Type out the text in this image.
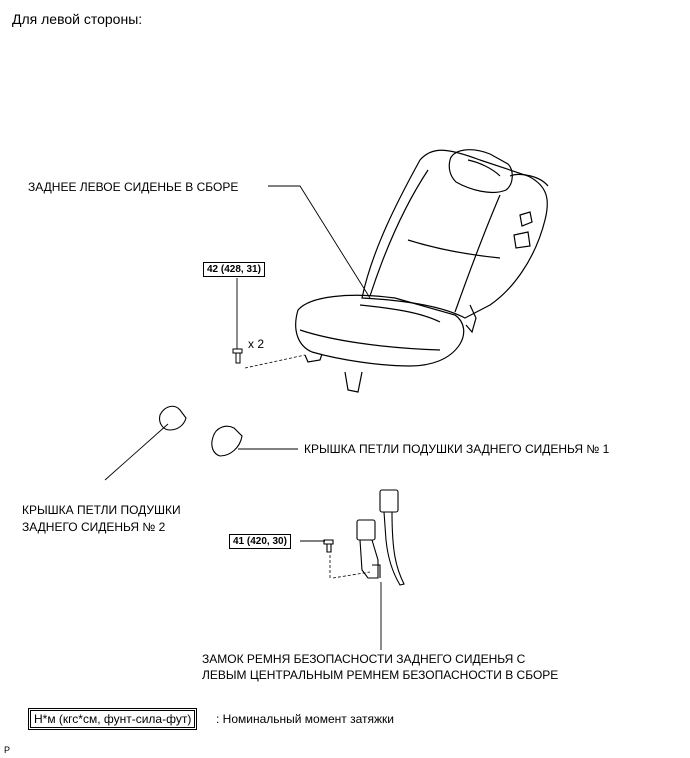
Для левой стороны:
ЗАДНЕЕ ЛЕВОЕ СИДЕНЬЕ В СБОРЕ
42 (428, 31)
x 2
КРЫШКА ПЕТЛИ ПОДУШКИ ЗАДНЕГО СИДЕНЬЯ № 1
КРЫШКА ПЕТЛИ ПОДУШКИ
ЗАДНЕГО СИДЕНЬЯ № 2
41 (420, 30)
ЗАМОК РЕМНЯ БЕЗОПАСНОСТИ ЗАДНЕГО СИДЕНЬЯ С
ЛЕВЫМ ЦЕНТРАЛЬНЫМ РЕМНЕМ БЕЗОПАСНОСТИ В СБОРЕ
Н*м (кгс*см, фунт-сила-фут)	: Номинальный момент затяжки
P
